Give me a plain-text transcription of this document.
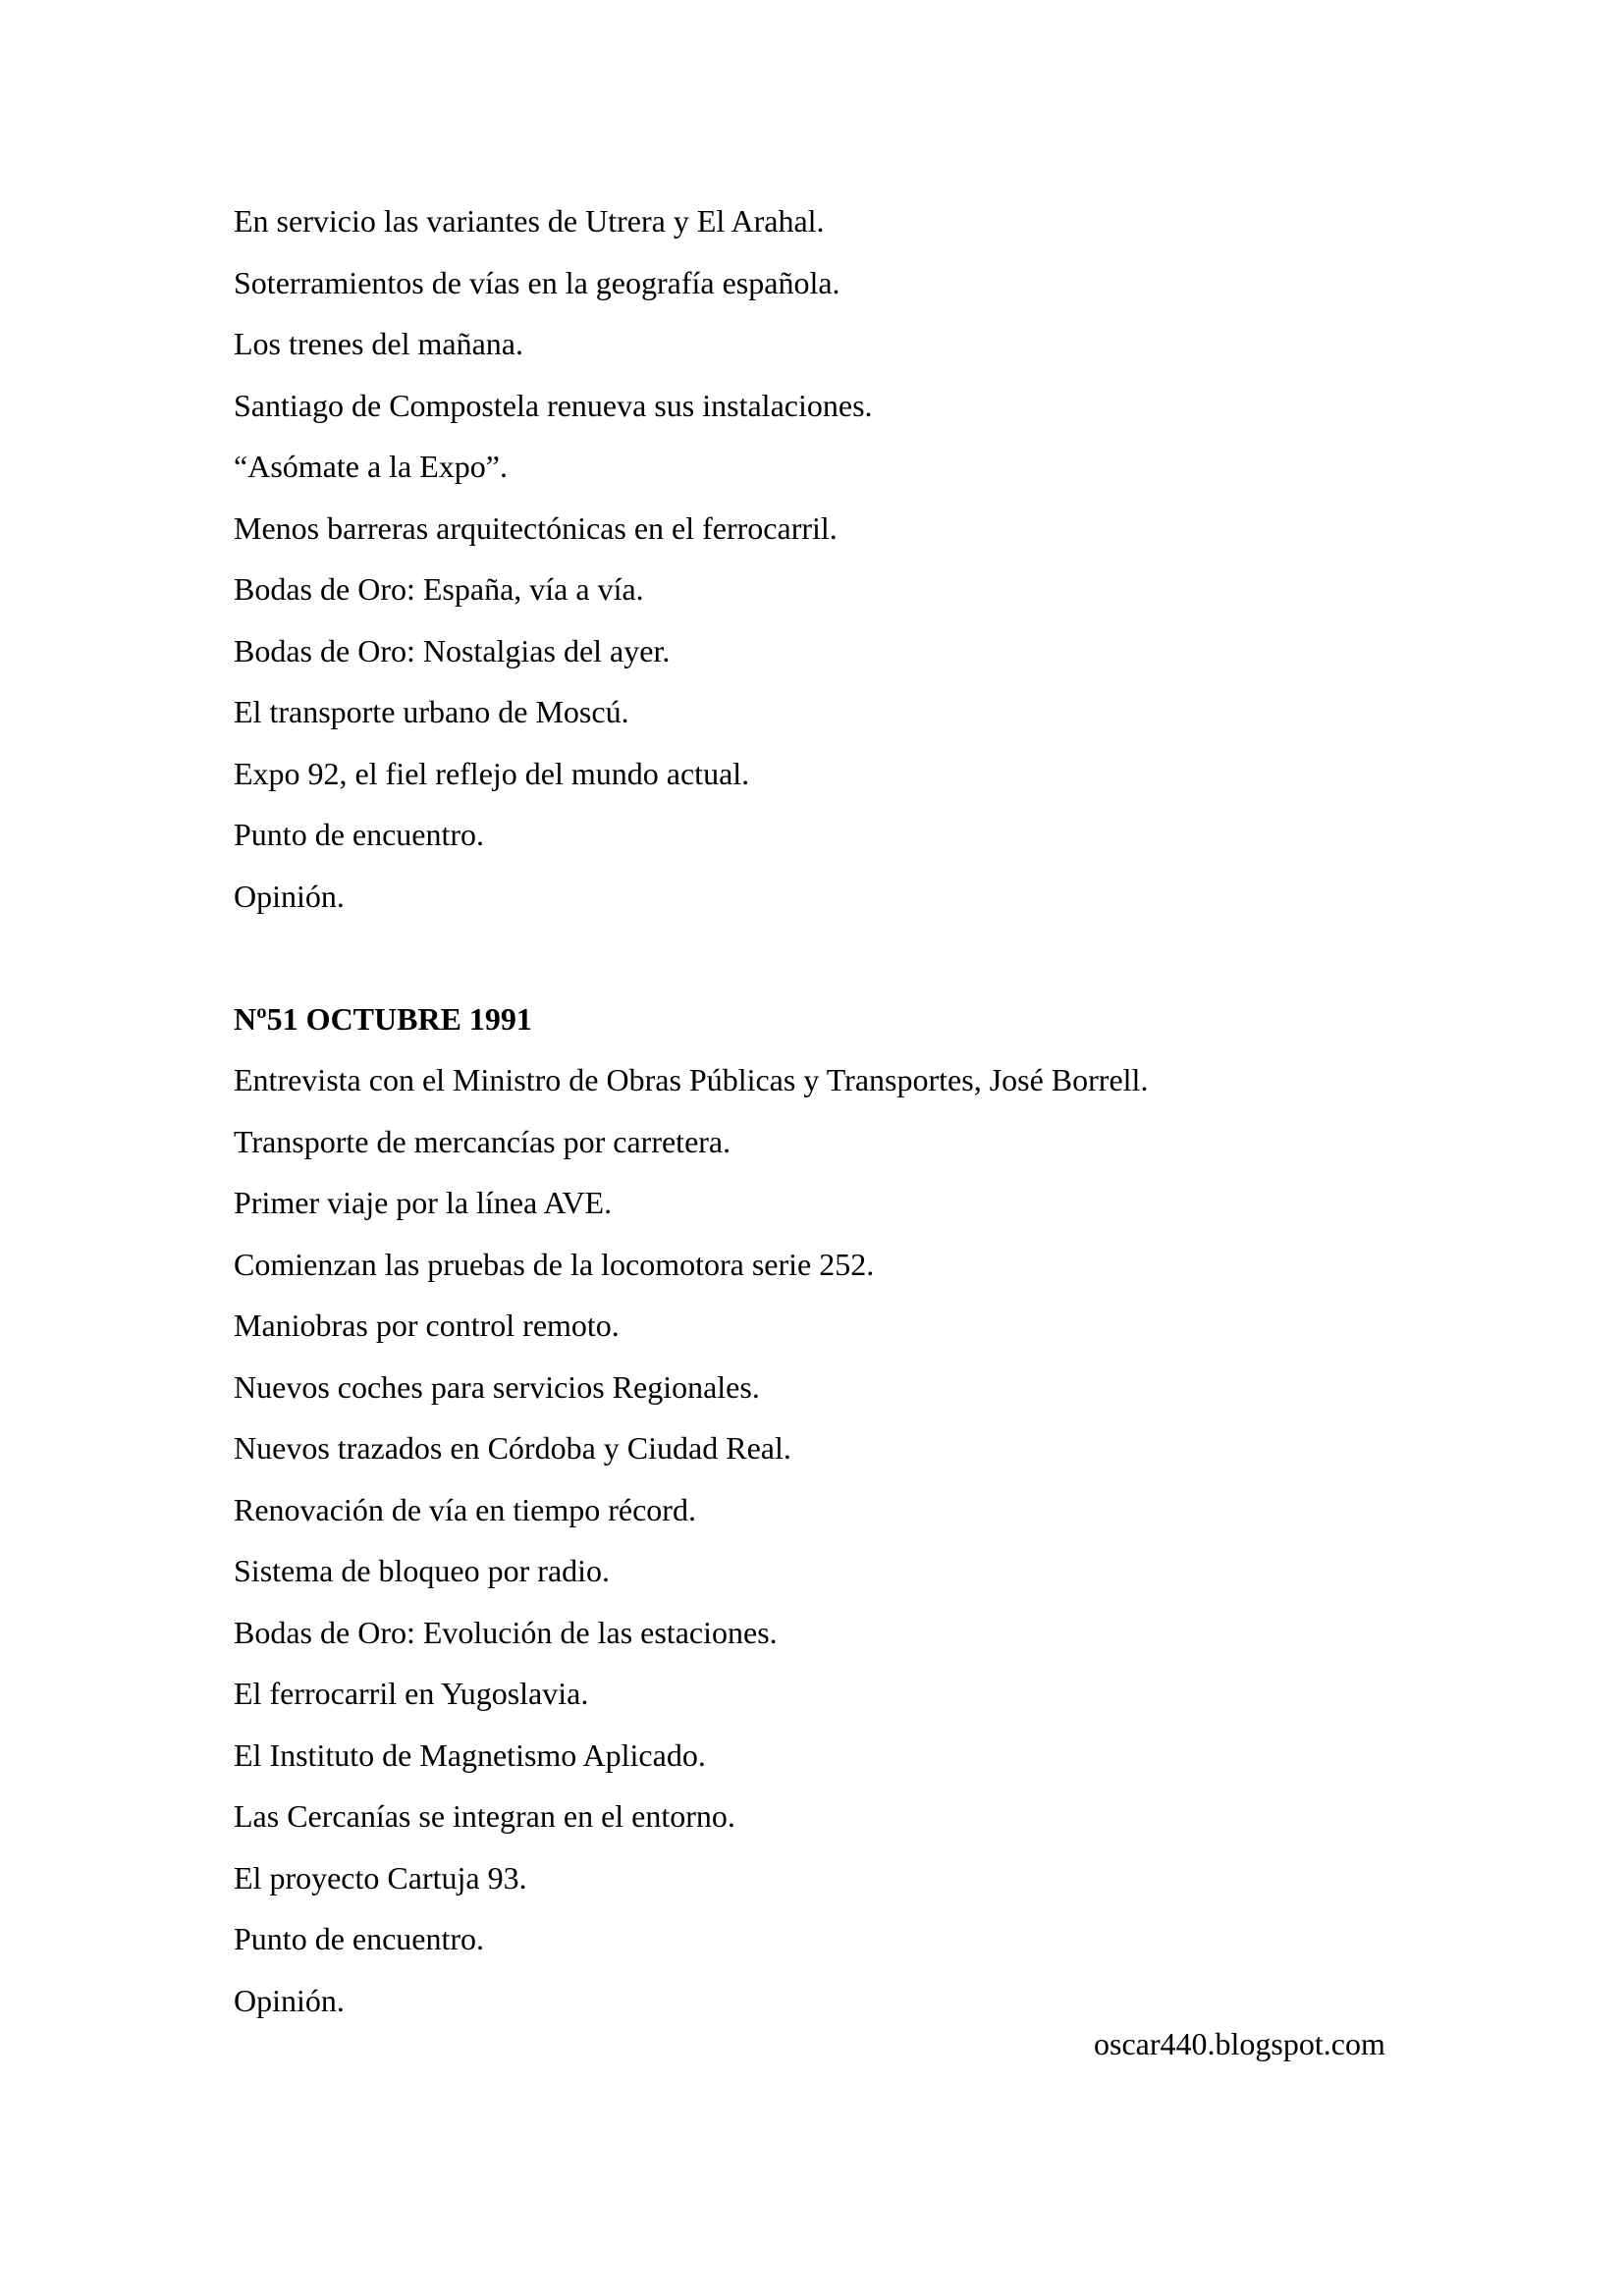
En servicio las variantes de Utrera y El Arahal.

Soterramientos de vías en la geografía española.

Los trenes del mañana.

Santiago de Compostela renueva sus instalaciones.

“Asómate a la Expo”.

Menos barreras arquitectónicas en el ferrocarril.

Bodas de Oro: España, vía a vía.

Bodas de Oro: Nostalgias del ayer.

El transporte urbano de Moscú.

Expo 92, el fiel reflejo del mundo actual.

Punto de encuentro.

Opinión.

Nº51 OCTUBRE 1991

Entrevista con el Ministro de Obras Públicas y Transportes, José Borrell.

Transporte de mercancías por carretera.

Primer viaje por la línea AVE.

Comienzan las pruebas de la locomotora serie 252.

Maniobras por control remoto.

Nuevos coches para servicios Regionales.

Nuevos trazados en Córdoba y Ciudad Real.

Renovación de vía en tiempo récord.

Sistema de bloqueo por radio.

Bodas de Oro: Evolución de las estaciones.

El ferrocarril en Yugoslavia.

El Instituto de Magnetismo Aplicado.

Las Cercanías se integran en el entorno.

El proyecto Cartuja 93.

Punto de encuentro.

Opinión.

oscar440.blogspot.com
